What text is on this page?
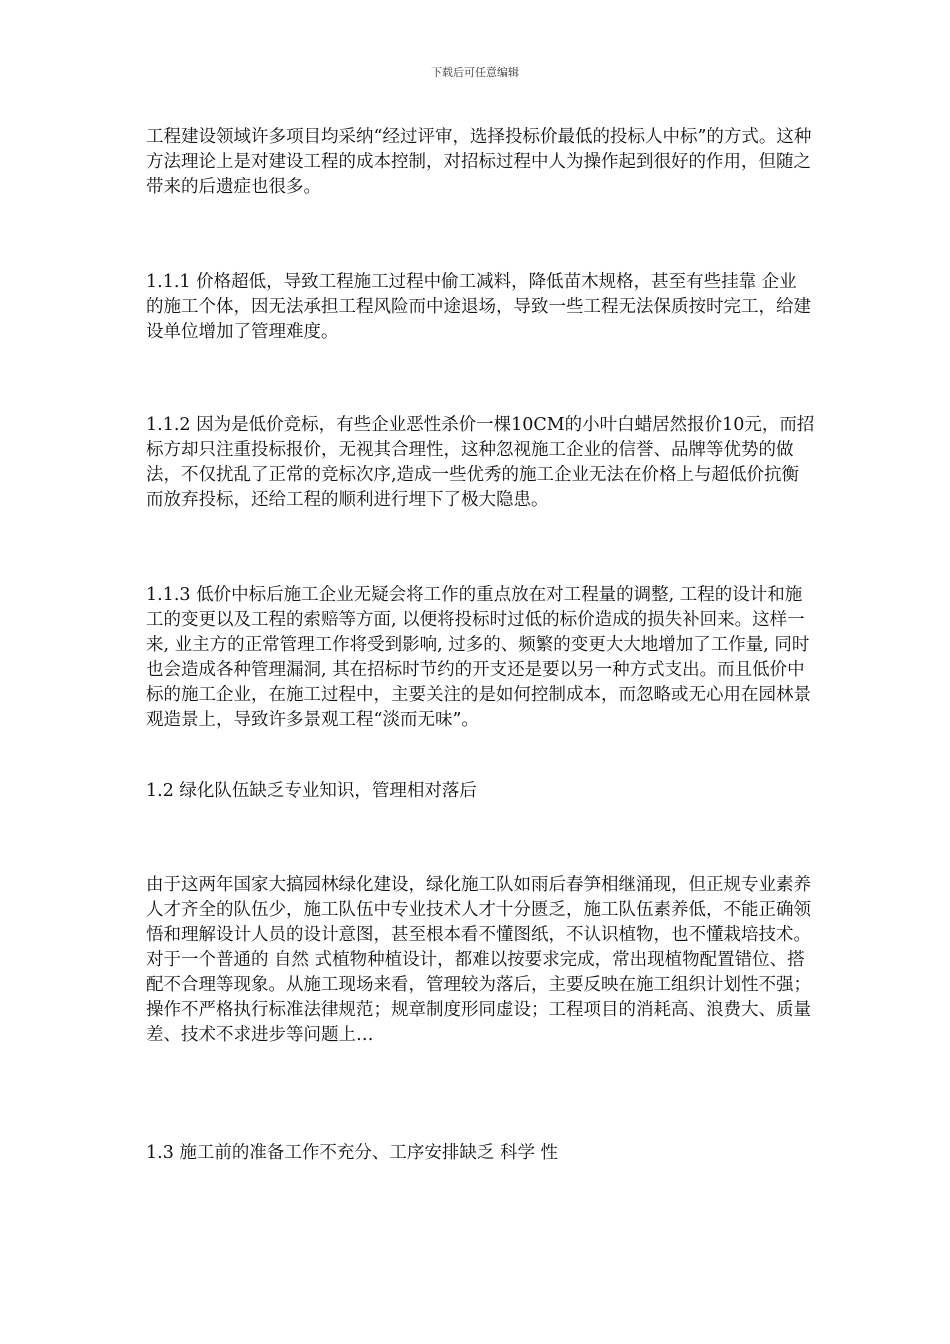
下载后可任意编辑

工程建设领域许多项目均采纳“经过评审，选择投标价最低的投标人中标”的方式。这种方法理论上是对建设工程的成本控制，对招标过程中人为操作起到很好的作用，但随之带来的后遗症也很多。

1.1.1 价格超低，导致工程施工过程中偷工减料，降低苗木规格，甚至有些挂靠 企业 的施工个体，因无法承担工程风险而中途退场，导致一些工程无法保质按时完工，给建设单位增加了管理难度。

1.1.2 因为是低价竞标，有些企业恶性杀价一棵10CM的小叶白蜡居然报价10元，而招标方却只注重投标报价，无视其合理性，这种忽视施工企业的信誉、品牌等优势的做法，不仅扰乱了正常的竞标次序,造成一些优秀的施工企业无法在价格上与超低价抗衡而放弃投标，还给工程的顺利进行埋下了极大隐患。

1.1.3 低价中标后施工企业无疑会将工作的重点放在对工程量的调整, 工程的设计和施工的变更以及工程的索赔等方面, 以便将投标时过低的标价造成的损失补回来。这样一来, 业主方的正常管理工作将受到影响, 过多的、频繁的变更大大地增加了工作量, 同时也会造成各种管理漏洞, 其在招标时节约的开支还是要以另一种方式支出。而且低价中标的施工企业，在施工过程中，主要关注的是如何控制成本，而忽略或无心用在园林景观造景上，导致许多景观工程“淡而无味”。

1.2 绿化队伍缺乏专业知识，管理相对落后

由于这两年国家大搞园林绿化建设，绿化施工队如雨后春笋相继涌现，但正规专业素养人才齐全的队伍少，施工队伍中专业技术人才十分匮乏，施工队伍素养低，不能正确领悟和理解设计人员的设计意图，甚至根本看不懂图纸，不认识植物，也不懂栽培技术。 对于一个普通的 自然 式植物种植设计，都难以按要求完成，常出现植物配置错位、搭配不合理等现象。从施工现场来看，管理较为落后，主要反映在施工组织计划性不强；操作不严格执行标准法律规范；规章制度形同虚设；工程项目的消耗高、浪费大、质量差、技术不求进步等问题上…

1.3 施工前的准备工作不充分、工序安排缺乏 科学 性
